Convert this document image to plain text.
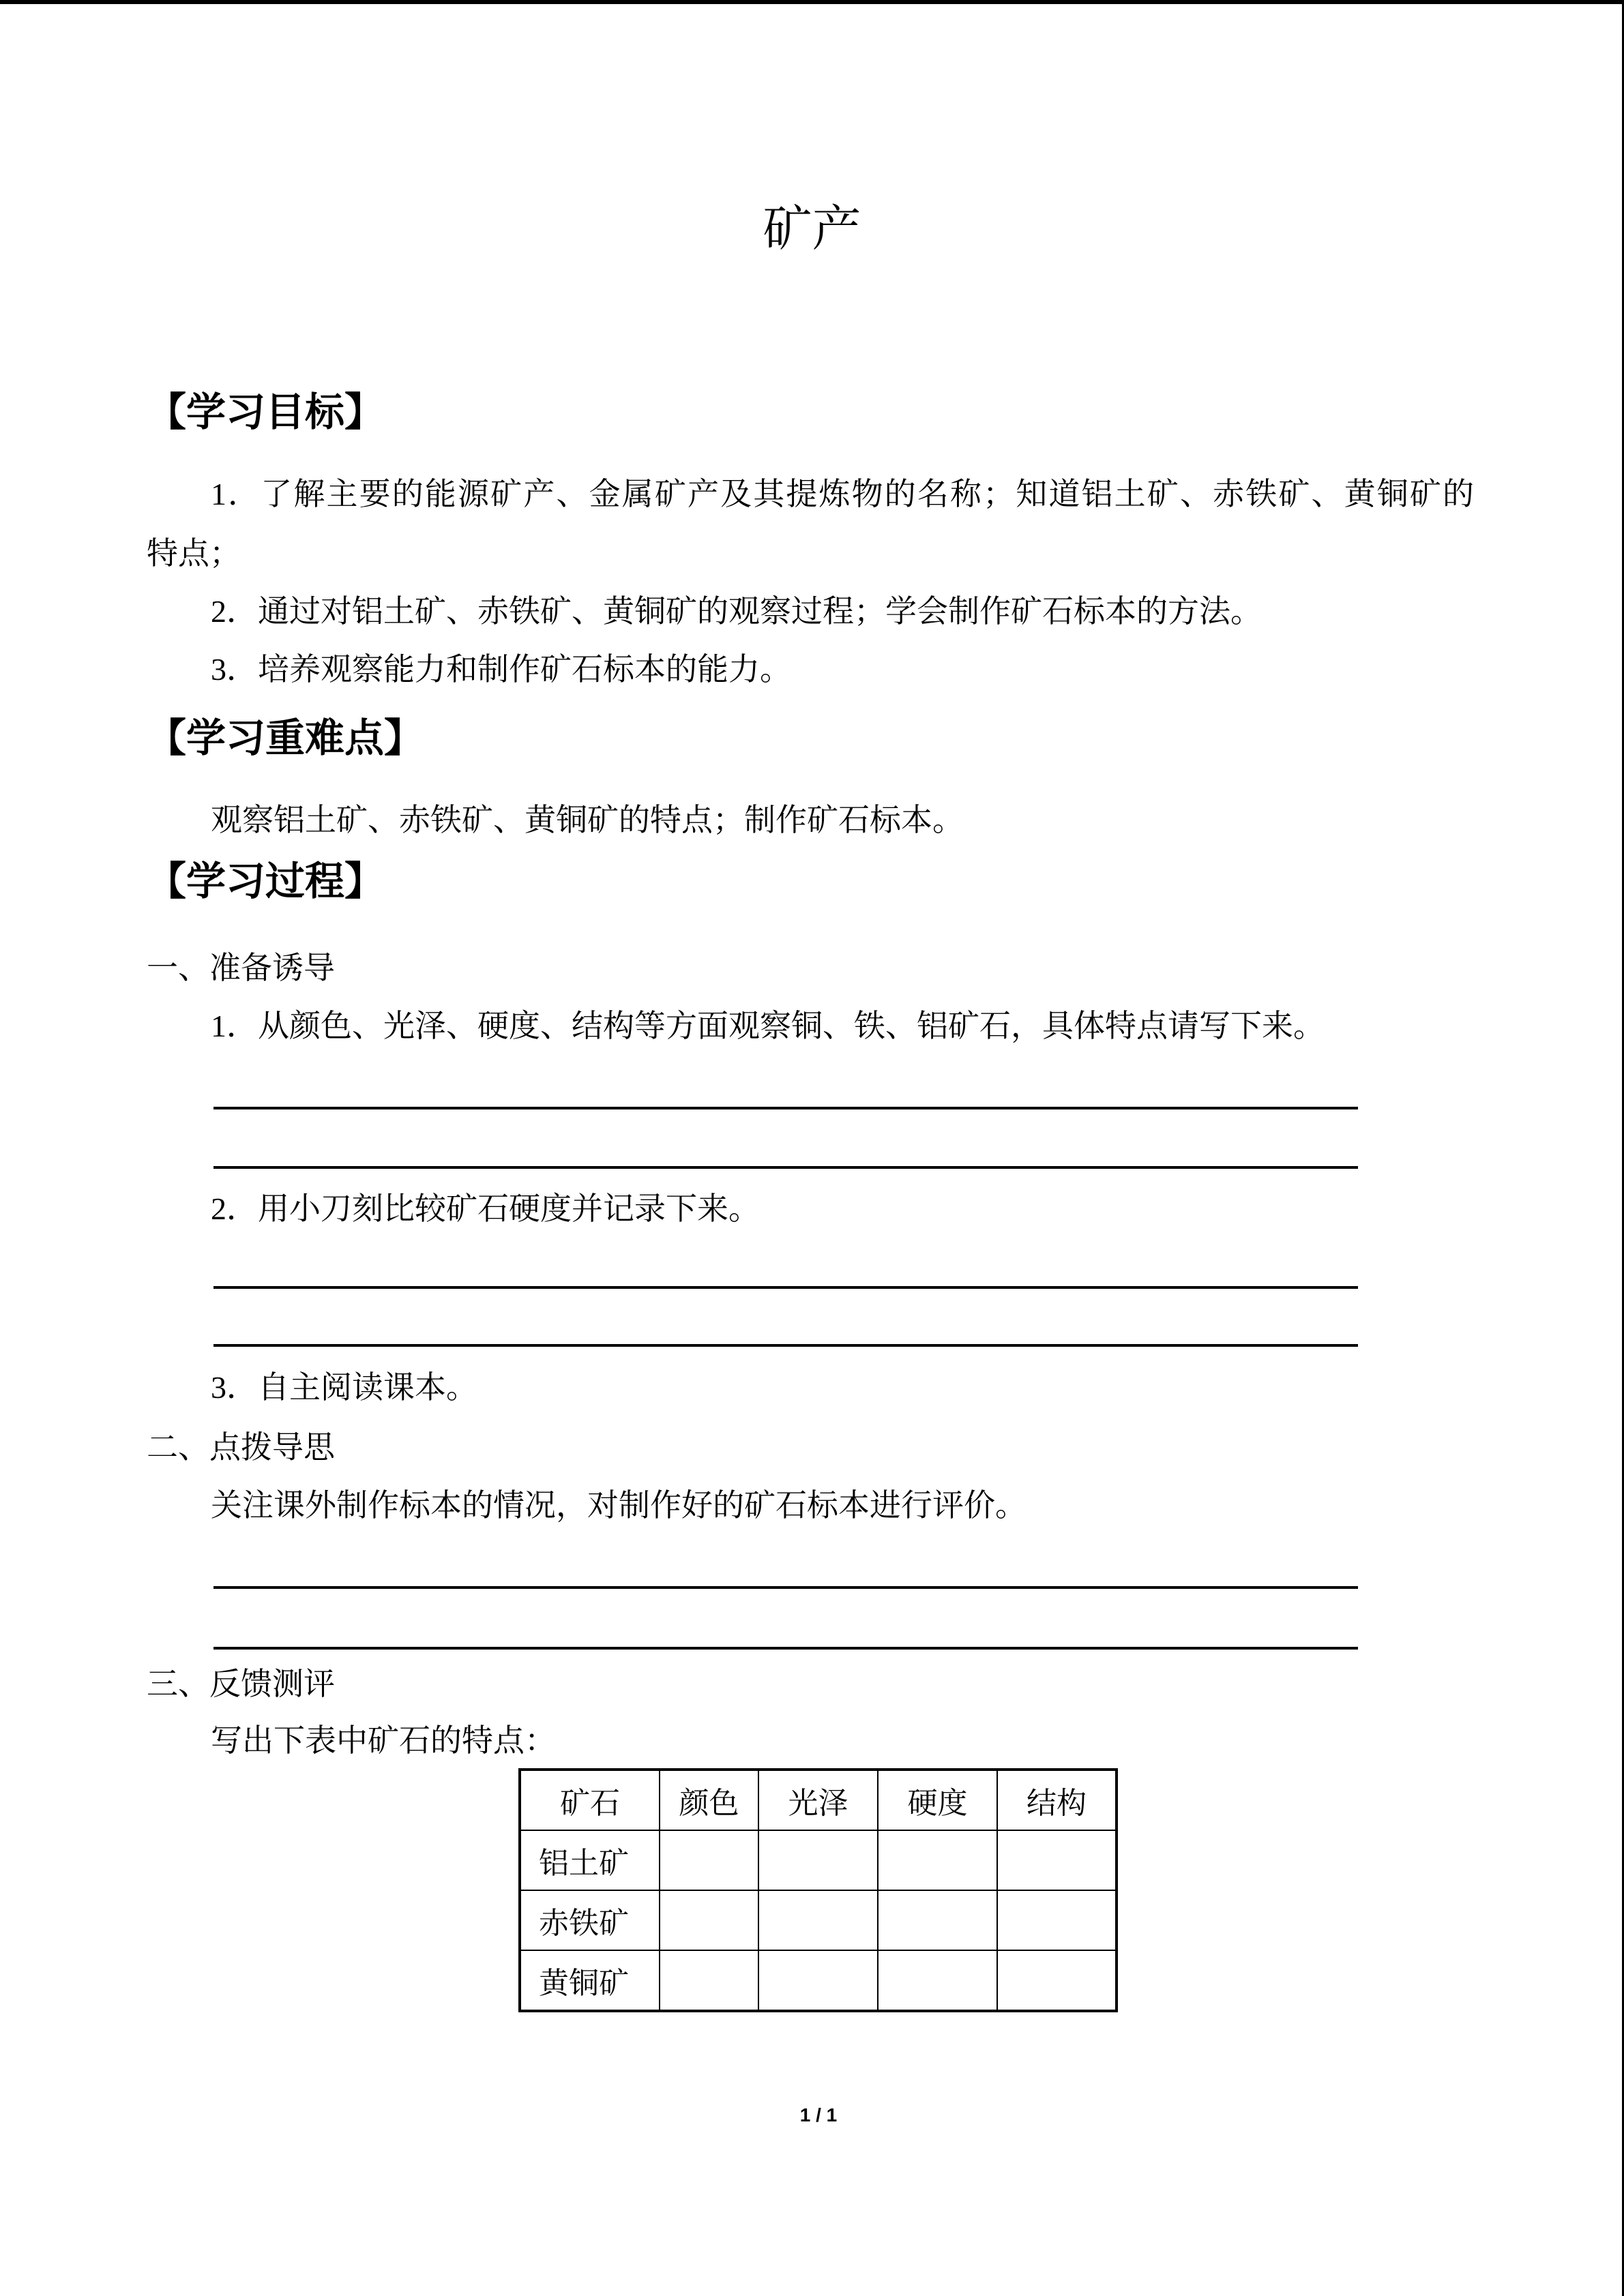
矿产
【学习目标】
1．了解主要的能源矿产、金属矿产及其提炼物的名称；知道铝土矿、赤铁矿、黄铜矿的
特点；
2．通过对铝土矿、赤铁矿、黄铜矿的观察过程；学会制作矿石标本的方法。
3．培养观察能力和制作矿石标本的能力。
【学习重难点】
观察铝土矿、赤铁矿、黄铜矿的特点；制作矿石标本。
【学习过程】
一、准备诱导
1．从颜色、光泽、硬度、结构等方面观察铜、铁、铝矿石，具体特点请写下来。
2．用小刀刻比较矿石硬度并记录下来。
3．自主阅读课本。
二、点拨导思
关注课外制作标本的情况，对制作好的矿石标本进行评价。
三、反馈测评
写出下表中矿石的特点：
矿石	颜色	光泽	硬度	结构
铝土矿				
赤铁矿				
黄铜矿				
1 / 1
